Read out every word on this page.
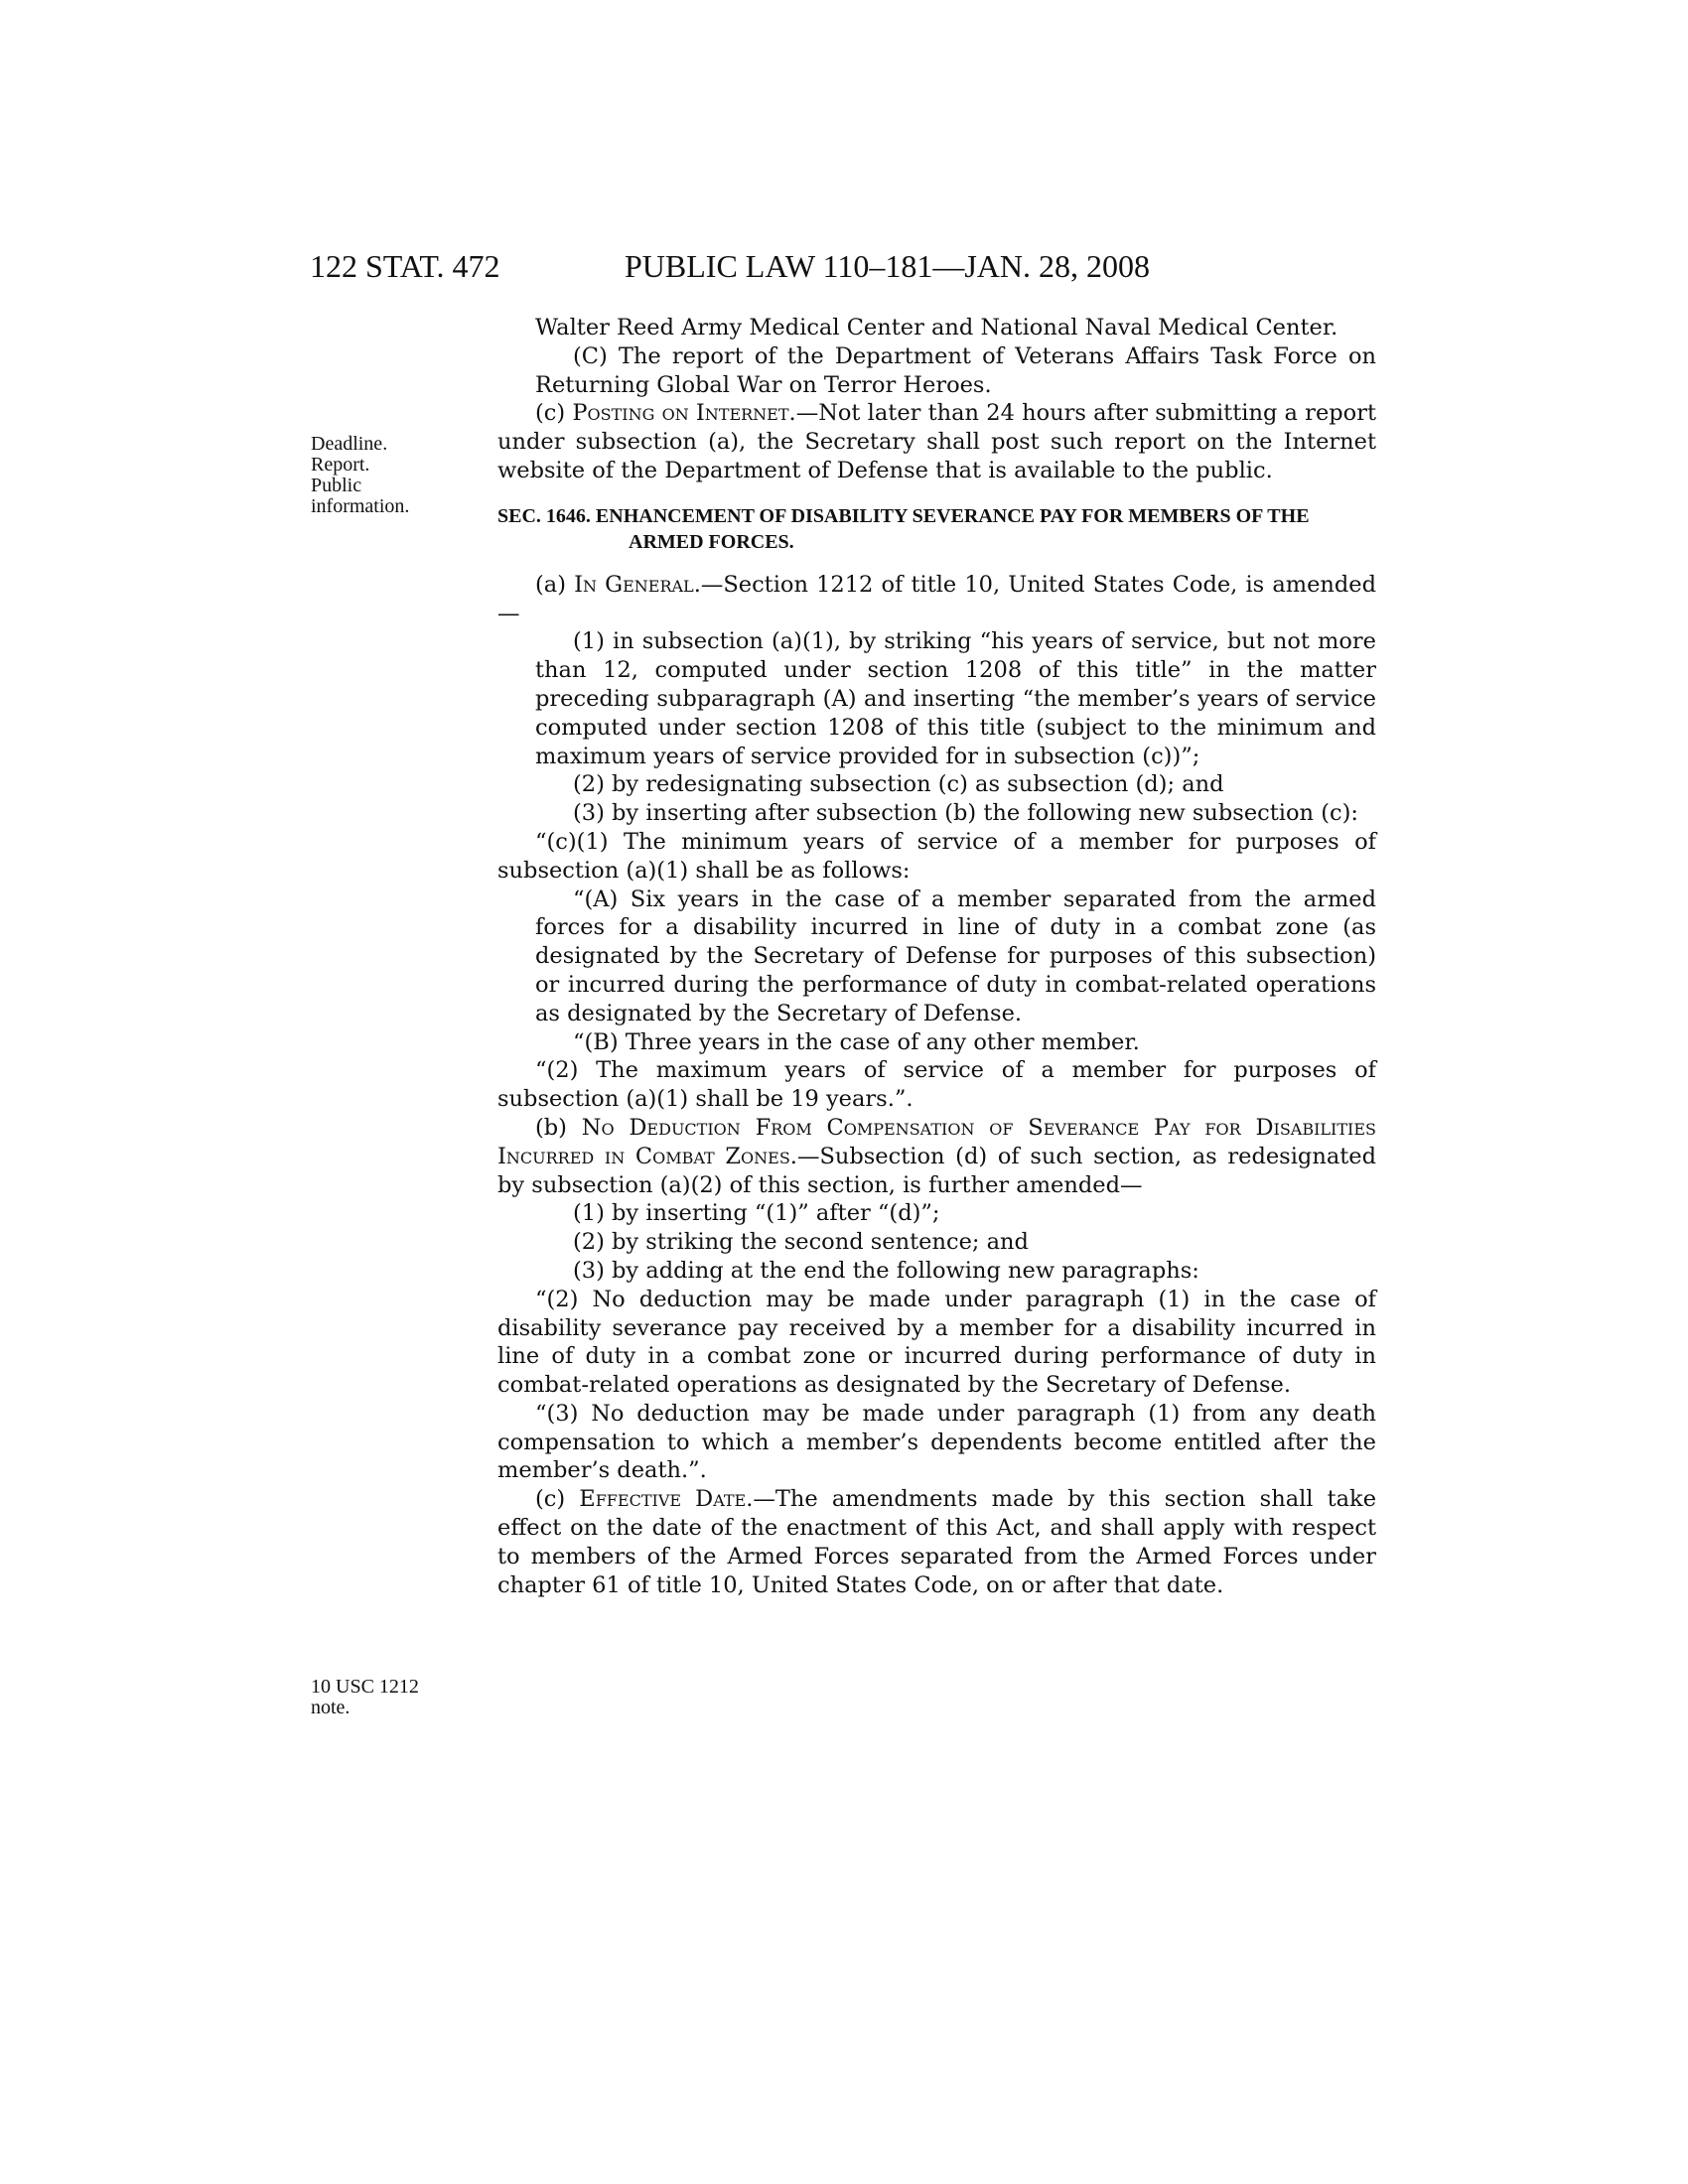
122 STAT. 472	PUBLIC LAW 110–181—JAN. 28, 2008
Deadline.
Report.
Public
information.
10 USC 1212
note.

Walter Reed Army Medical Center and National Naval Medical Center.

(C) The report of the Department of Veterans Affairs Task Force on Returning Global War on Terror Heroes.

(c) Posting on Internet.—Not later than 24 hours after submitting a report under subsection (a), the Secretary shall post such report on the Internet website of the Department of Defense that is available to the public.

SEC. 1646. ENHANCEMENT OF DISABILITY SEVERANCE PAY FOR MEMBERS OF THE ARMED FORCES.

(a) In General.—Section 1212 of title 10, United States Code, is amended—

(1) in subsection (a)(1), by striking “his years of service, but not more than 12, computed under section 1208 of this title” in the matter preceding subparagraph (A) and inserting “the member’s years of service computed under section 1208 of this title (subject to the minimum and maximum years of service provided for in subsection (c))”;

(2) by redesignating subsection (c) as subsection (d); and

(3) by inserting after subsection (b) the following new subsection (c):

“(c)(1) The minimum years of service of a member for purposes of subsection (a)(1) shall be as follows:

“(A) Six years in the case of a member separated from the armed forces for a disability incurred in line of duty in a combat zone (as designated by the Secretary of Defense for purposes of this subsection) or incurred during the performance of duty in combat-related operations as designated by the Secretary of Defense.

“(B) Three years in the case of any other member.

“(2) The maximum years of service of a member for purposes of subsection (a)(1) shall be 19 years.”.

(b) No Deduction From Compensation of Severance Pay for Disabilities Incurred in Combat Zones.—Subsection (d) of such section, as redesignated by subsection (a)(2) of this section, is further amended—

(1) by inserting “(1)” after “(d)”;

(2) by striking the second sentence; and

(3) by adding at the end the following new paragraphs:

“(2) No deduction may be made under paragraph (1) in the case of disability severance pay received by a member for a disability incurred in line of duty in a combat zone or incurred during performance of duty in combat-related operations as designated by the Secretary of Defense.

“(3) No deduction may be made under paragraph (1) from any death compensation to which a member’s dependents become entitled after the member’s death.”.

(c) Effective Date.—The amendments made by this section shall take effect on the date of the enactment of this Act, and shall apply with respect to members of the Armed Forces separated from the Armed Forces under chapter 61 of title 10, United States Code, on or after that date.
